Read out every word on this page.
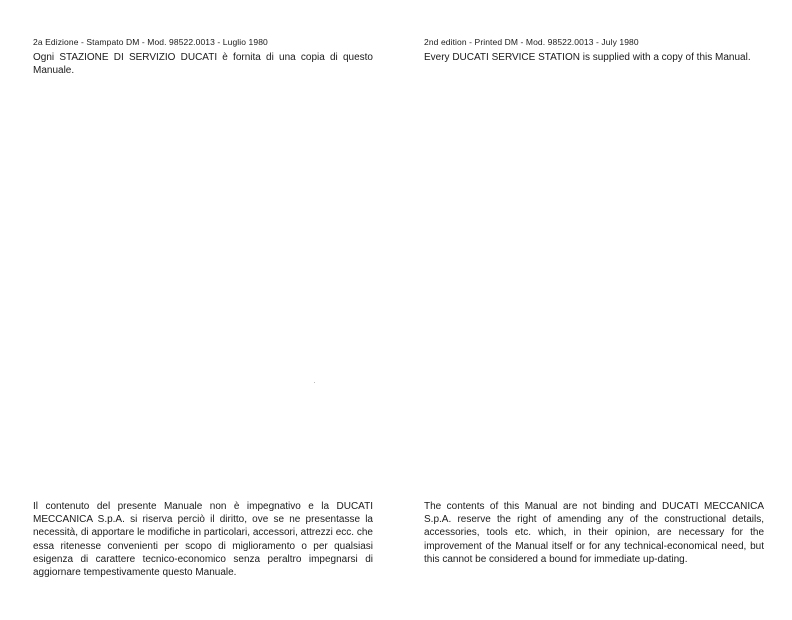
2a Edizione - Stampato DM - Mod. 98522.0013 - Luglio 1980

Ogni STAZIONE DI SERVIZIO DUCATI è fornita di una copia di questo Manuale.

Il contenuto del presente Manuale non è impegnativo e la DUCATI MECCANICA S.p.A. si riserva perciò il diritto, ove se ne presentasse la necessità, di apportare le modifiche in particolari, accessori, attrezzi ecc. che essa ritenesse convenienti per scopo di miglioramento o per qualsiasi esigenza di carattere tecnico-economico senza peraltro impegnarsi di aggiornare tempestivamente questo Manuale.

2nd edition - Printed DM - Mod. 98522.0013 - July 1980

Every DUCATI SERVICE STATION is supplied with a copy of this Manual.

The contents of this Manual are not binding and DUCATI MECCANICA S.p.A. reserve the right of amending any of the constructional details, accessories, tools etc. which, in their opinion, are necessary for the improvement of the Manual itself or for any technical-economical need, but this cannot be considered a bound for immediate up-dating.
